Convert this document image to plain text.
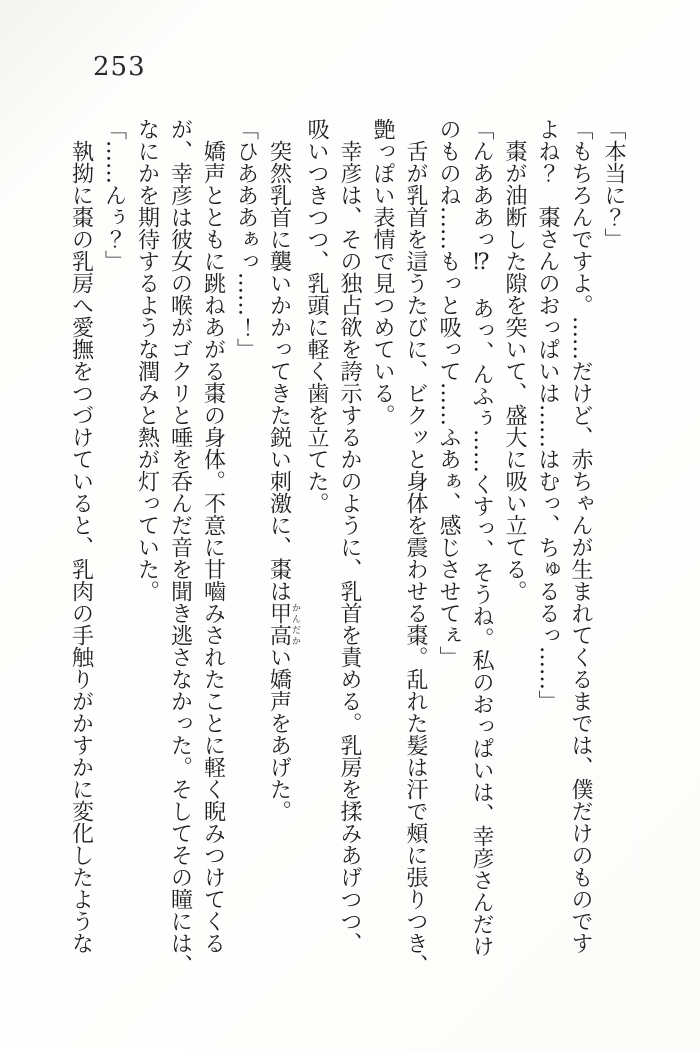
253

「本当に？」

「もちろんですよ。……だけど、赤ちゃんが生まれてくるまでは、僕だけのものです

よね？　棗さんのおっぱいは……はむっ、ちゅるるっ……」

棗が油断した隙を突いて、盛大に吸い立てる。

「んあああっ⁉　あっ、んふぅ……くすっ、そうね。私のおっぱいは、幸彦さんだけ

のものね……もっと吸って……ふあぁ、感じさせてぇ」

舌が乳首を這うたびに、ビクッと身体を震わせる棗。乱れた髪は汗で頰に張りつき、

艶っぽい表情で見つめている。

幸彦は、その独占欲を誇示するかのように、乳首を責める。乳房を揉みあげつつ、

吸いつきつつ、乳頭に軽く歯を立てた。

突然乳首に襲いかかってきた鋭い刺激に、棗は甲高かんだかい嬌声をあげた。

「ひあああぁっ……！」

嬌声とともに跳ねあがる棗の身体。不意に甘嚙みされたことに軽く睨みつけてくる

が、幸彦は彼女の喉がゴクリと唾を呑んだ音を聞き逃さなかった。そしてその瞳には、

なにかを期待するような潤みと熱が灯っていた。

「……んぅ？」

執拗に棗の乳房へ愛撫をつづけていると、乳肉の手触りがかすかに変化したような
